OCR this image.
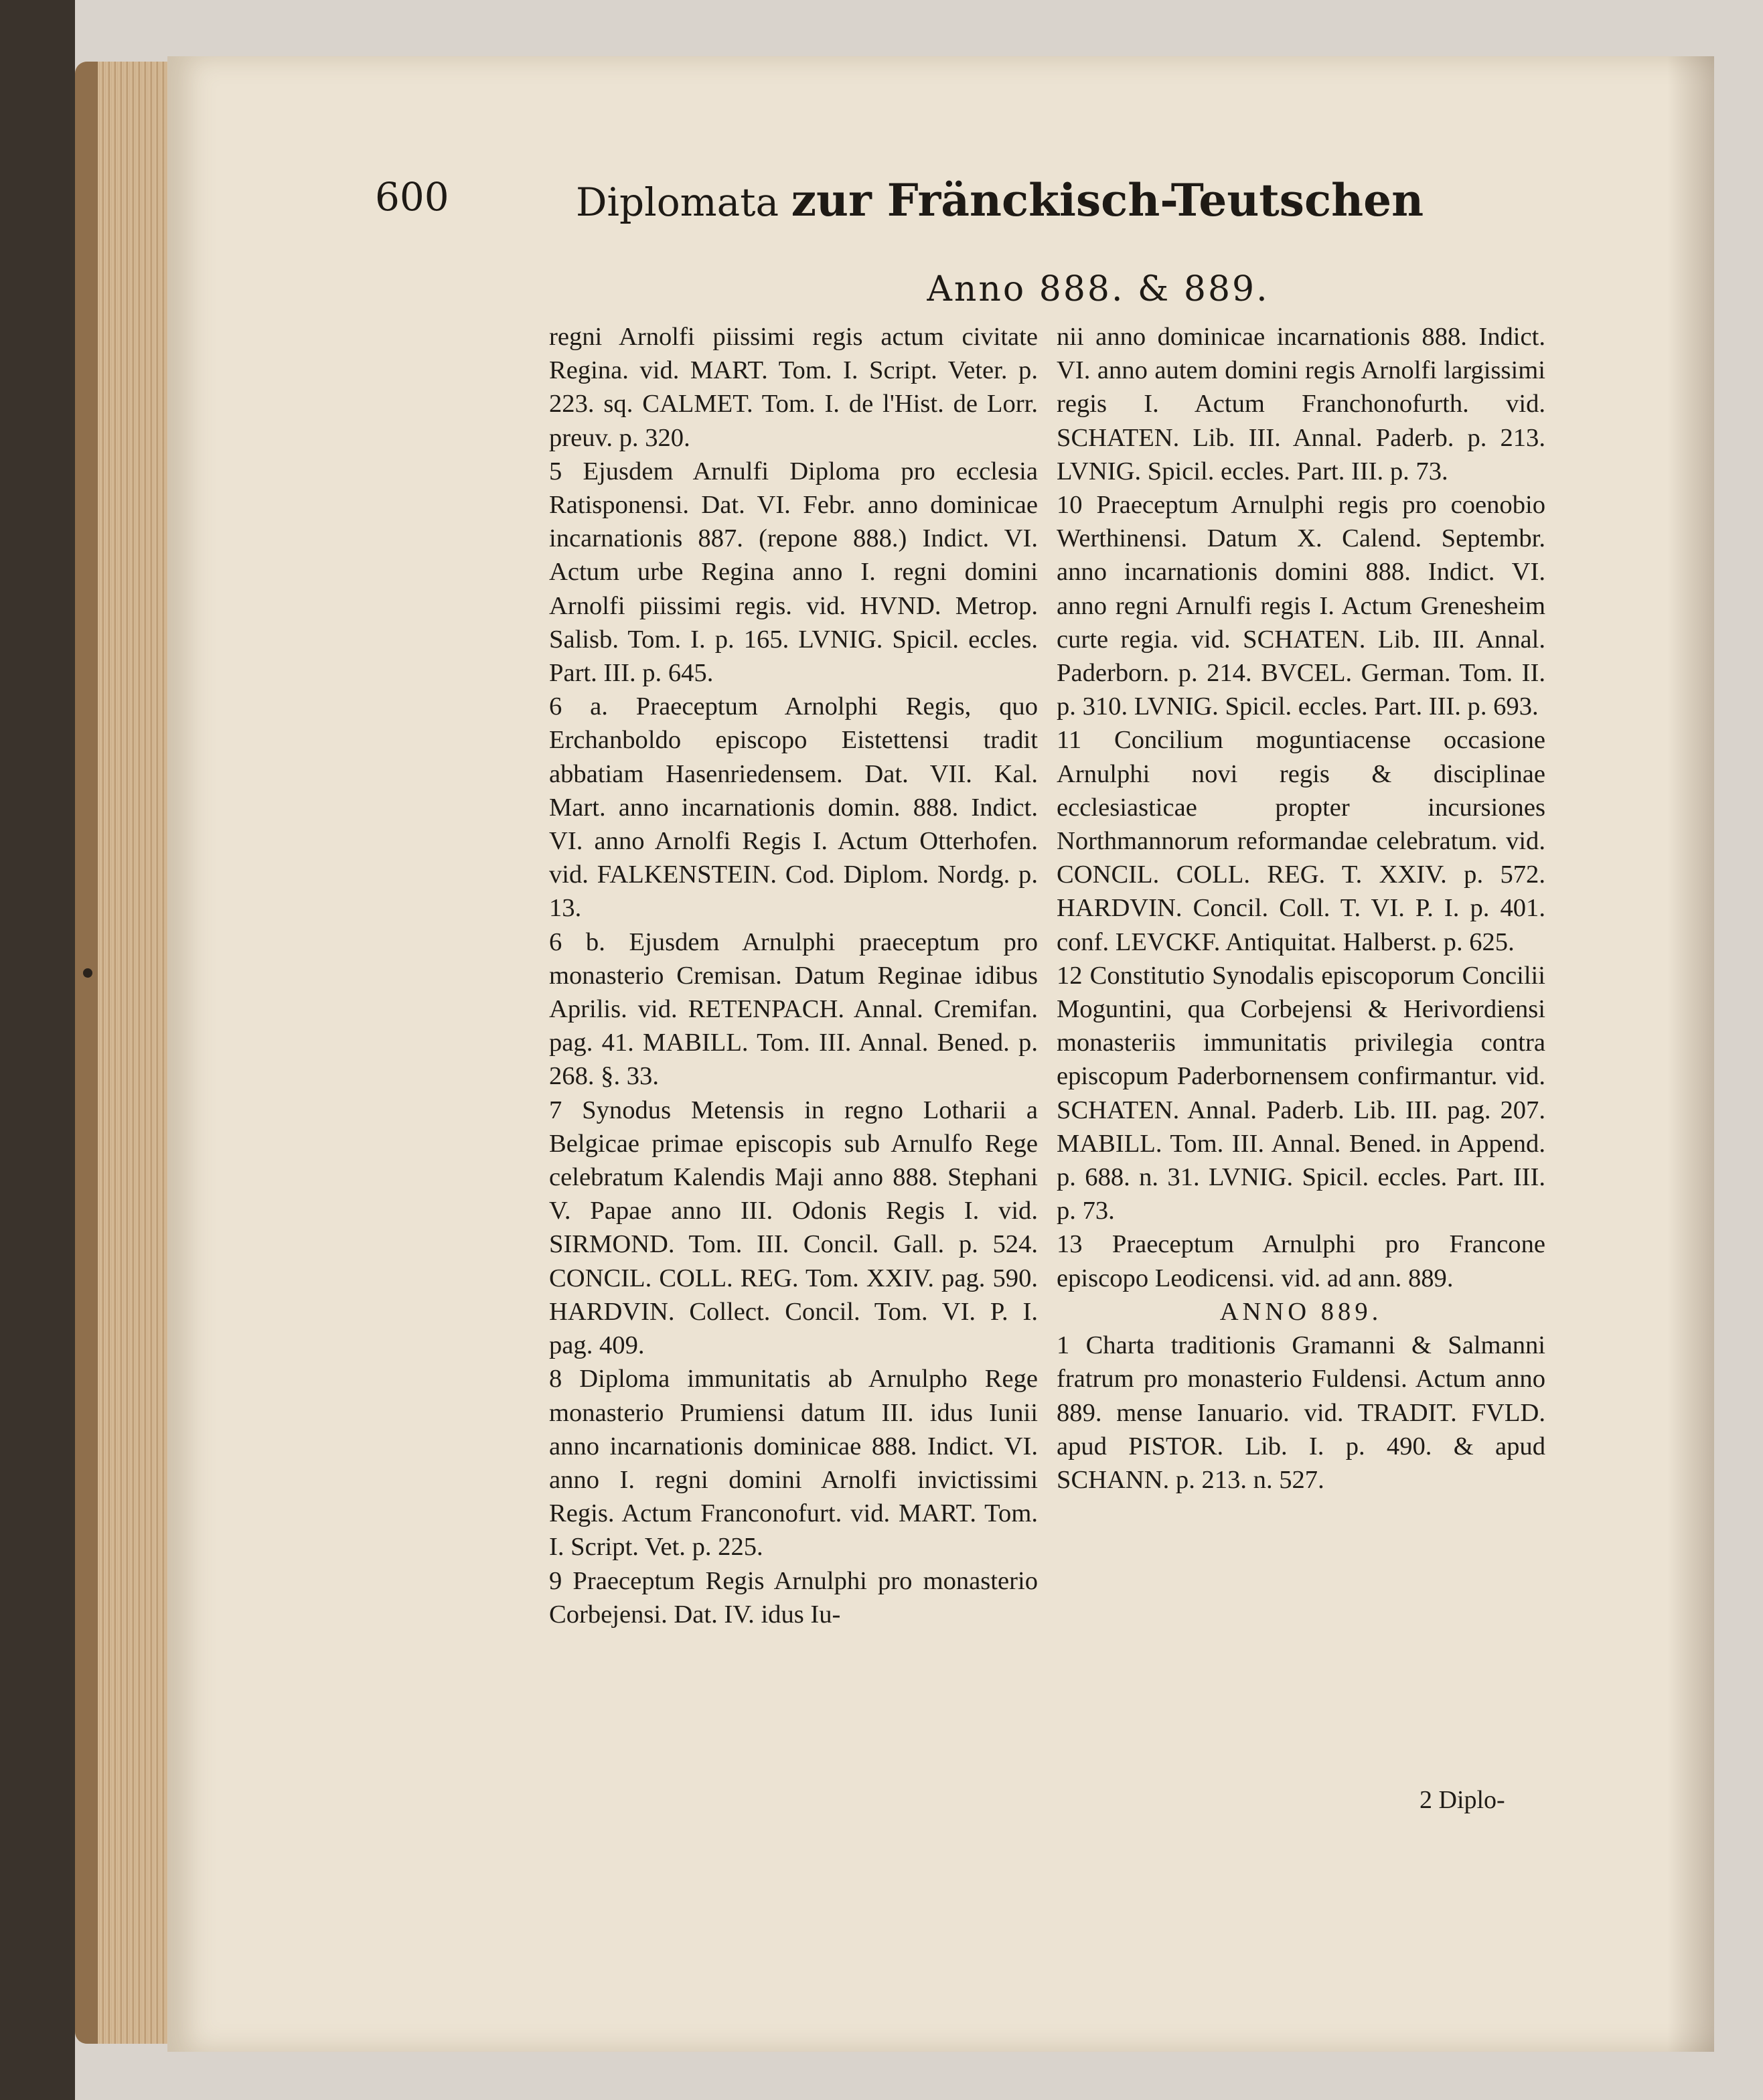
600	Diplomata zur Fränckisch-Teutschen
Anno 888. & 889.

regni Arnolfi piissimi regis actum civitate Regina. vid. MART. Tom. I. Script. Veter. p. 223. sq. CALMET. Tom. I. de l'Hist. de Lorr. preuv. p. 320.

5 Ejusdem Arnulfi Diploma pro ecclesia Ratisponensi. Dat. VI. Febr. anno dominicae incarnationis 887. (repone 888.) Indict. VI. Actum urbe Regina anno I. regni domini Arnolfi piissimi regis. vid. HVND. Metrop. Salisb. Tom. I. p. 165. LVNIG. Spicil. eccles. Part. III. p. 645.

6 a. Praeceptum Arnolphi Regis, quo Erchanboldo episcopo Eistettensi tradit abbatiam Hasenriedensem. Dat. VII. Kal. Mart. anno incarnationis domin. 888. Indict. VI. anno Arnolfi Regis I. Actum Otterhofen. vid. FALKENSTEIN. Cod. Diplom. Nordg. p. 13.

6 b. Ejusdem Arnulphi praeceptum pro monasterio Cremisan. Datum Reginae idibus Aprilis. vid. RETENPACH. Annal. Cremifan. pag. 41. MABILL. Tom. III. Annal. Bened. p. 268. §. 33.

7 Synodus Metensis in regno Lotharii a Belgicae primae episcopis sub Arnulfo Rege celebratum Kalendis Maji anno 888. Stephani V. Papae anno III. Odonis Regis I. vid. SIRMOND. Tom. III. Concil. Gall. p. 524. CONCIL. COLL. REG. Tom. XXIV. pag. 590. HARDVIN. Collect. Concil. Tom. VI. P. I. pag. 409.

8 Diploma immunitatis ab Arnulpho Rege monasterio Prumiensi datum III. idus Iunii anno incarnationis dominicae 888. Indict. VI. anno I. regni domini Arnolfi invictissimi Regis. Actum Franconofurt. vid. MART. Tom. I. Script. Vet. p. 225.

9 Praeceptum Regis Arnulphi pro monasterio Corbejensi. Dat. IV. idus Iu-

nii anno dominicae incarnationis 888. Indict. VI. anno autem domini regis Arnolfi largissimi regis I. Actum Franchonofurth. vid. SCHATEN. Lib. III. Annal. Paderb. p. 213. LVNIG. Spicil. eccles. Part. III. p. 73.

10 Praeceptum Arnulphi regis pro coenobio Werthinensi. Datum X. Calend. Septembr. anno incarnationis domini 888. Indict. VI. anno regni Arnulfi regis I. Actum Grenesheim curte regia. vid. SCHATEN. Lib. III. Annal. Paderborn. p. 214. BVCEL. German. Tom. II. p. 310. LVNIG. Spicil. eccles. Part. III. p. 693.

11 Concilium moguntiacense occasione Arnulphi novi regis & disciplinae ecclesiasticae propter incursiones Northmannorum reformandae celebratum. vid. CONCIL. COLL. REG. T. XXIV. p. 572. HARDVIN. Concil. Coll. T. VI. P. I. p. 401. conf. LEVCKF. Antiquitat. Halberst. p. 625.

12 Constitutio Synodalis episcoporum Concilii Moguntini, qua Corbejensi & Herivordiensi monasteriis immunitatis privilegia contra episcopum Paderbornensem confirmantur. vid. SCHATEN. Annal. Paderb. Lib. III. pag. 207. MABILL. Tom. III. Annal. Bened. in Append. p. 688. n. 31. LVNIG. Spicil. eccles. Part. III. p. 73.

13 Praeceptum Arnulphi pro Francone episcopo Leodicensi. vid. ad ann. 889.

ANNO 889.

1 Charta traditionis Gramanni & Salmanni fratrum pro monasterio Fuldensi. Actum anno 889. mense Ianuario. vid. TRADIT. FVLD. apud PISTOR. Lib. I. p. 490. & apud SCHANN. p. 213. n. 527.

2 Diplo-
